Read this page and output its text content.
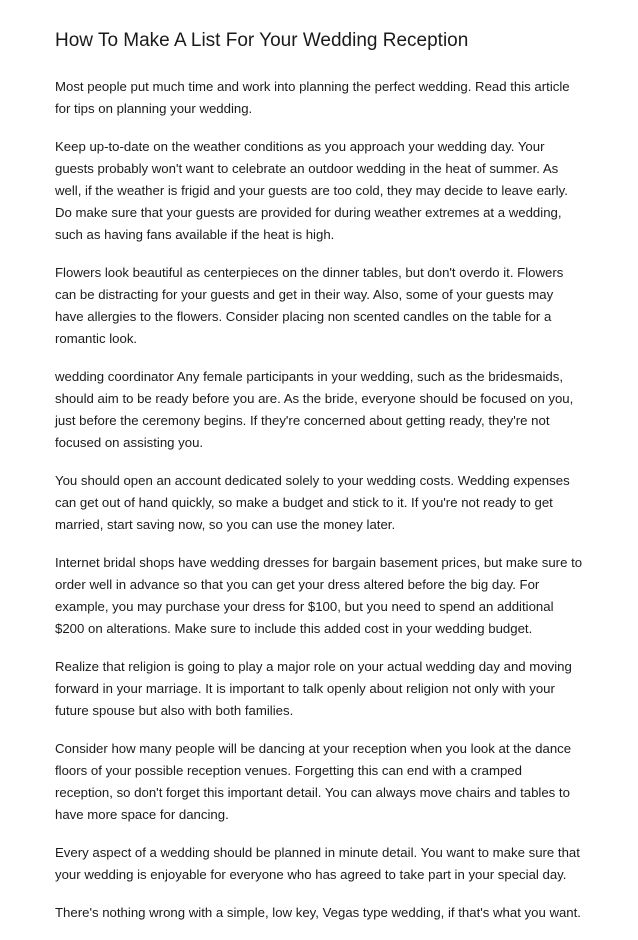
How To Make A List For Your Wedding Reception

Most people put much time and work into planning the perfect wedding. Read this article for tips on planning your wedding.

Keep up-to-date on the weather conditions as you approach your wedding day. Your guests probably won't want to celebrate an outdoor wedding in the heat of summer. As well, if the weather is frigid and your guests are too cold, they may decide to leave early. Do make sure that your guests are provided for during weather extremes at a wedding, such as having fans available if the heat is high.

Flowers look beautiful as centerpieces on the dinner tables, but don't overdo it. Flowers can be distracting for your guests and get in their way. Also, some of your guests may have allergies to the flowers. Consider placing non scented candles on the table for a romantic look.

wedding coordinator Any female participants in your wedding, such as the bridesmaids, should aim to be ready before you are. As the bride, everyone should be focused on you, just before the ceremony begins. If they're concerned about getting ready, they're not focused on assisting you.

You should open an account dedicated solely to your wedding costs. Wedding expenses can get out of hand quickly, so make a budget and stick to it. If you're not ready to get married, start saving now, so you can use the money later.

Internet bridal shops have wedding dresses for bargain basement prices, but make sure to order well in advance so that you can get your dress altered before the big day. For example, you may purchase your dress for $100, but you need to spend an additional $200 on alterations. Make sure to include this added cost in your wedding budget.

Realize that religion is going to play a major role on your actual wedding day and moving forward in your marriage. It is important to talk openly about religion not only with your future spouse but also with both families.

Consider how many people will be dancing at your reception when you look at the dance floors of your possible reception venues. Forgetting this can end with a cramped reception, so don't forget this important detail. You can always move chairs and tables to have more space for dancing.

Every aspect of a wedding should be planned in minute detail. You want to make sure that your wedding is enjoyable for everyone who has agreed to take part in your special day.

There's nothing wrong with a simple, low key, Vegas type wedding, if that's what you want.
